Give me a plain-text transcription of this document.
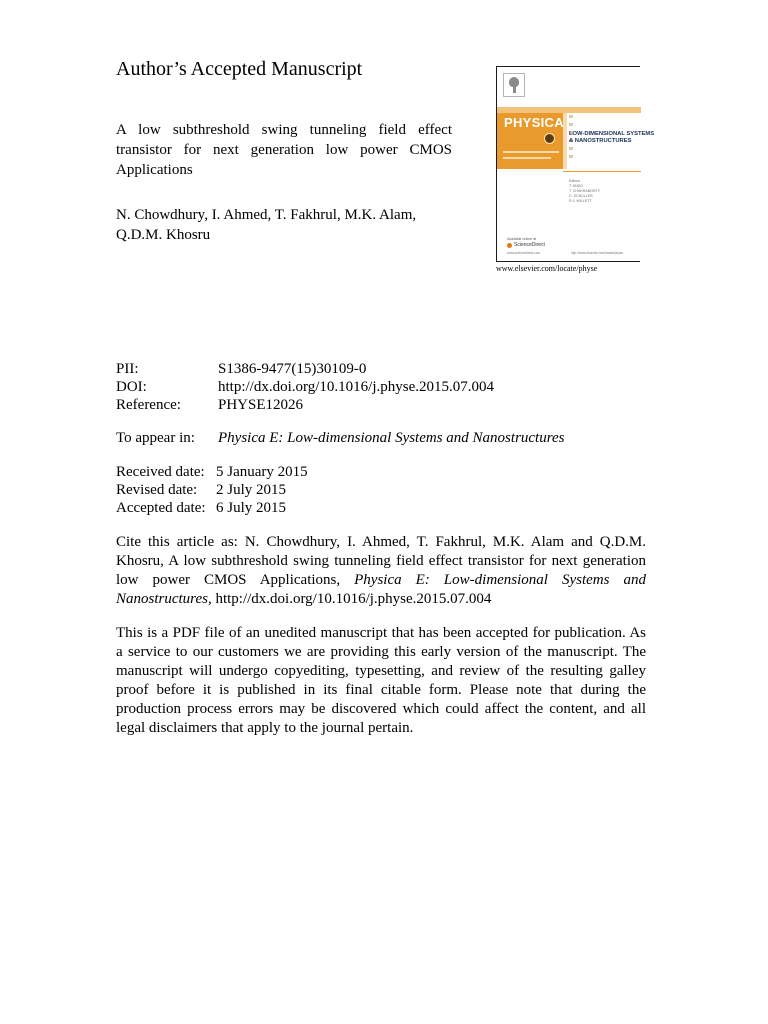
Author’s Accepted Manuscript
A low subthreshold swing tunneling field effect transistor for next generation low power CMOS Applications
N. Chowdhury, I. Ahmed, T. Fakhrul, M.K. Alam, Q.D.M. Khosru
PHYSICA
LOW-DIMENSIONAL SYSTEMS
& NANOSTRUCTURES
Editors
T. ANDO
T. CHAKRABORTY
C. SCHULLER
R.J. WILLETT
Available online at
ScienceDirect
www.sciencedirect.com	http://www.elsevier.com/locate/physe
www.elsevier.com/locate/physe
PII:	S1386-9477(15)30109-0
DOI:	http://dx.doi.org/10.1016/j.physe.2015.07.004
Reference: PHYSE12026
To appear in: Physica E: Low-dimensional Systems and Nanostructures
Received date: 5 January 2015
Revised date: 2 July 2015
Accepted date: 6 July 2015
Cite this article as: N. Chowdhury, I. Ahmed, T. Fakhrul, M.K. Alam and Q.D.M. Khosru, A low subthreshold swing tunneling field effect transistor for next generation low power CMOS Applications, Physica E: Low-dimensional Systems and Nanostructures, http://dx.doi.org/10.1016/j.physe.2015.07.004
This is a PDF file of an unedited manuscript that has been accepted for publication. As a service to our customers we are providing this early version of the manuscript. The manuscript will undergo copyediting, typesetting, and review of the resulting galley proof before it is published in its final citable form. Please note that during the production process errors may be discovered which could affect the content, and all legal disclaimers that apply to the journal pertain.
